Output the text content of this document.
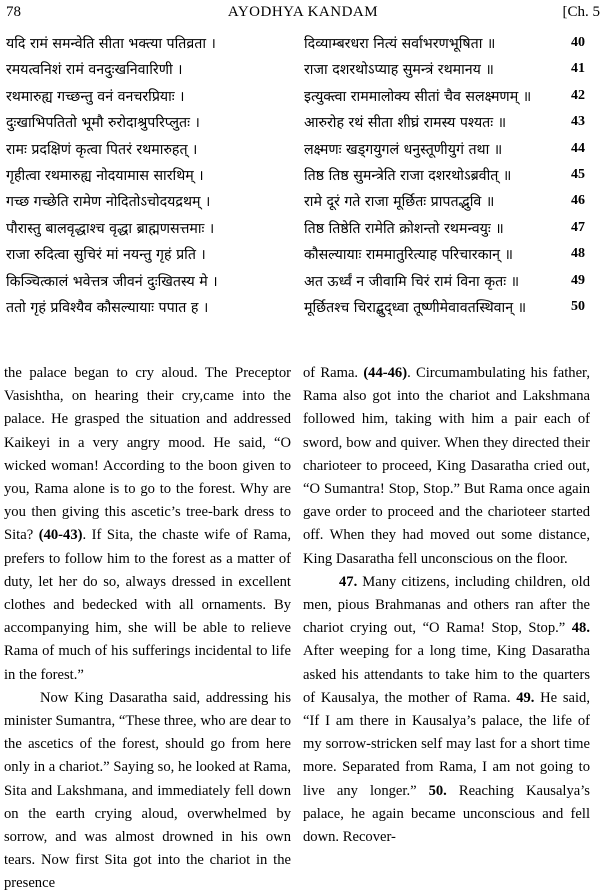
78	AYODHYA KANDAM	[Ch. 5
यदि रामं समन्वेति सीता भक्त्या पतिव्रता ।	दिव्याम्बरधरा नित्यं सर्वाभरणभूषिता ॥	40
रमयत्वनिशं रामं वनदुःखनिवारिणी ।	राजा दशरथोऽप्याह सुमन्त्रं रथमानय ॥	41
रथमारुह्य गच्छन्तु वनं वनचरप्रियाः ।	इत्युक्त्वा राममालोक्य सीतां चैव सलक्ष्मणम् ॥	42
दुःखाभिपतितो भूमौ रुरोदाश्रुपरिप्लुतः ।	आरुरोह रथं सीता शीघ्रं रामस्य पश्यतः ॥	43
रामः प्रदक्षिणं कृत्वा पितरं रथमारुहत् ।	लक्ष्मणः खड्गयुगलं धनुस्तूणीयुगं तथा ॥	44
गृहीत्वा रथमारुह्य नोदयामास सारथिम् ।	तिष्ठ तिष्ठ सुमन्त्रेति राजा दशरथोऽब्रवीत् ॥	45
गच्छ गच्छेति रामेण नोदितोऽचोदयद्रथम् ।	रामे दूरं गते राजा मूर्छितः प्रापतद्भुवि ॥	46
पौरास्तु बालवृद्धाश्च वृद्धा ब्राह्मणसत्तमाः ।	तिष्ठ तिष्ठेति रामेति क्रोशन्तो रथमन्वयुः ॥	47
राजा रुदित्वा सुचिरं मां नयन्तु गृहं प्रति ।	कौसल्यायाः राममातुरित्याह परिचारकान् ॥	48
किञ्चित्कालं भवेत्तत्र जीवनं दुःखितस्य मे ।	अत ऊर्ध्वं न जीवामि चिरं रामं विना कृतः ॥	49
ततो गृहं प्रविश्यैव कौसल्यायाः पपात ह ।	मूर्छितश्च चिराद्बुद्ध्वा तूष्णीमेवावतस्थिवान् ॥	50

the palace began to cry aloud. The Preceptor Vasishtha, on hearing their cry,came into the palace. He grasped the situation and addressed Kaikeyi in a very angry mood. He said, “O wicked woman! According to the boon given to you, Rama alone is to go to the forest. Why are you then giving this ascetic’s tree-bark dress to Sita? (40-43). If Sita, the chaste wife of Rama, prefers to follow him to the forest as a matter of duty, let her do so, always dressed in excellent clothes and bedecked with all ornaments. By accompanying him, she will be able to relieve Rama of much of his sufferings incidental to life in the forest.”

Now King Dasaratha said, addressing his minister Sumantra, “These three, who are dear to the ascetics of the forest, should go from here only in a chariot.” Saying so, he looked at Rama, Sita and Lakshmana, and immediately fell down on the earth crying aloud, overwhelmed by sorrow, and was almost drowned in his own tears. Now first Sita got into the chariot in the presence

of Rama. (44-46). Circumambulating his father, Rama also got into the chariot and Lakshmana followed him, taking with him a pair each of sword, bow and quiver. When they directed their charioteer to proceed, King Dasaratha cried out, “O Sumantra! Stop, Stop.” But Rama once again gave order to proceed and the charioteer started off. When they had moved out some distance, King Dasaratha fell unconscious on the floor.

47. Many citizens, including children, old men, pious Brahmanas and others ran after the chariot crying out, “O Rama! Stop, Stop.” 48. After weeping for a long time, King Dasaratha asked his attendants to take him to the quarters of Kausalya, the mother of Rama. 49. He said, “If I am there in Kausalya’s palace, the life of my sorrow-stricken self may last for a short time more. Separated from Rama, I am not going to live any longer.” 50. Reaching Kausalya’s palace, he again became unconscious and fell down. Recover-
